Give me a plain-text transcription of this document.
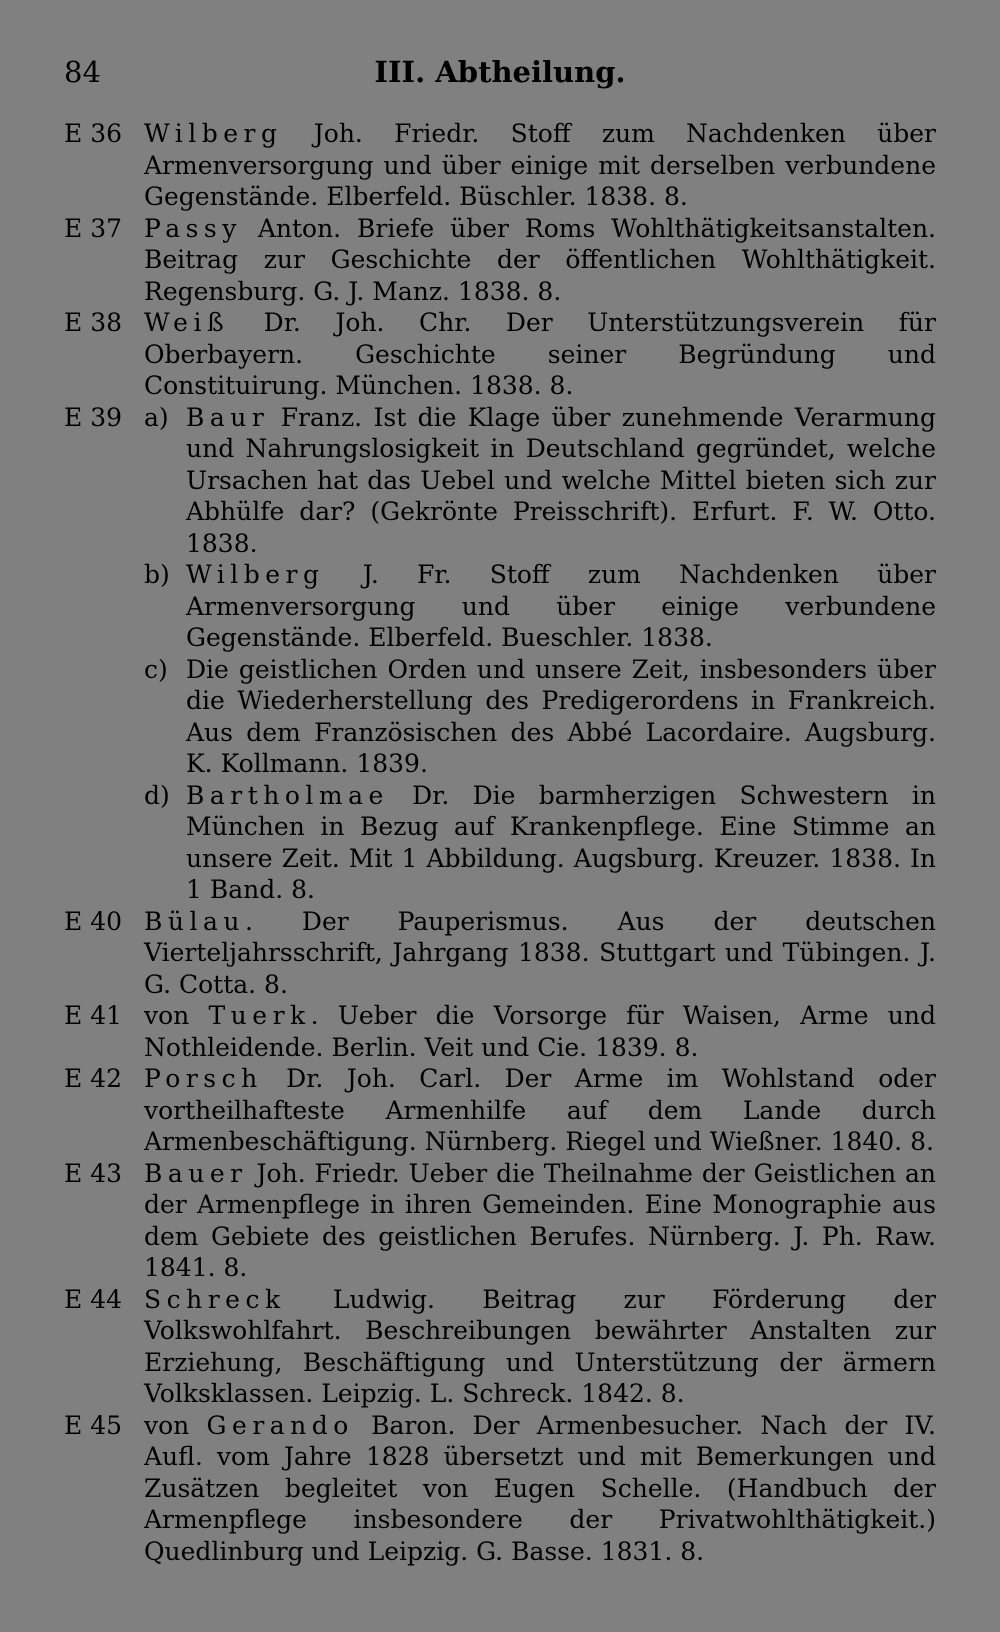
84	III. Abtheilung.
E 36 Wilberg Joh. Friedr. Stoff zum Nachdenken über Armenversorgung und über einige mit derselben verbundene Gegenstände. Elberfeld. Büschler. 1838. 8.
E 37 Passy Anton. Briefe über Roms Wohlthätigkeitsanstalten. Beitrag zur Geschichte der öffentlichen Wohlthätigkeit. Regensburg. G. J. Manz. 1838. 8.
E 38 Weiß Dr. Joh. Chr. Der Unterstützungsverein für Oberbayern. Geschichte seiner Begründung und Constituirung. München. 1838. 8.
E 39 a) Baur Franz. Ist die Klage über zunehmende Verarmung und Nahrungslosigkeit in Deutschland gegründet, welche Ursachen hat das Uebel und welche Mittel bieten sich zur Abhülfe dar? (Gekrönte Preisschrift). Erfurt. F. W. Otto. 1838.
b) Wilberg J. Fr. Stoff zum Nachdenken über Armenversorgung und über einige verbundene Gegenstände. Elberfeld. Bueschler. 1838.
c) Die geistlichen Orden und unsere Zeit, insbesonders über die Wiederherstellung des Predigerordens in Frankreich. Aus dem Französischen des Abbé Lacordaire. Augsburg. K. Kollmann. 1839.
d) Bartholmae Dr. Die barmherzigen Schwestern in München in Bezug auf Krankenpflege. Eine Stimme an unsere Zeit. Mit 1 Abbildung. Augsburg. Kreuzer. 1838. In 1 Band. 8.
E 40 Bülau. Der Pauperismus. Aus der deutschen Vierteljahrsschrift, Jahrgang 1838. Stuttgart und Tübingen. J. G. Cotta. 8.
E 41 von Tuerk. Ueber die Vorsorge für Waisen, Arme und Nothleidende. Berlin. Veit und Cie. 1839. 8.
E 42 Porsch Dr. Joh. Carl. Der Arme im Wohlstand oder vortheilhafteste Armenhilfe auf dem Lande durch Armenbeschäftigung. Nürnberg. Riegel und Wießner. 1840. 8.
E 43 Bauer Joh. Friedr. Ueber die Theilnahme der Geistlichen an der Armenpflege in ihren Gemeinden. Eine Monographie aus dem Gebiete des geistlichen Berufes. Nürnberg. J. Ph. Raw. 1841. 8.
E 44 Schreck Ludwig. Beitrag zur Förderung der Volkswohlfahrt. Beschreibungen bewährter Anstalten zur Erziehung, Beschäftigung und Unterstützung der ärmern Volksklassen. Leipzig. L. Schreck. 1842. 8.
E 45 von Gerando Baron. Der Armenbesucher. Nach der IV. Aufl. vom Jahre 1828 übersetzt und mit Bemerkungen und Zusätzen begleitet von Eugen Schelle. (Handbuch der Armenpflege insbesondere der Privatwohlthätigkeit.) Quedlinburg und Leipzig. G. Basse. 1831. 8.
